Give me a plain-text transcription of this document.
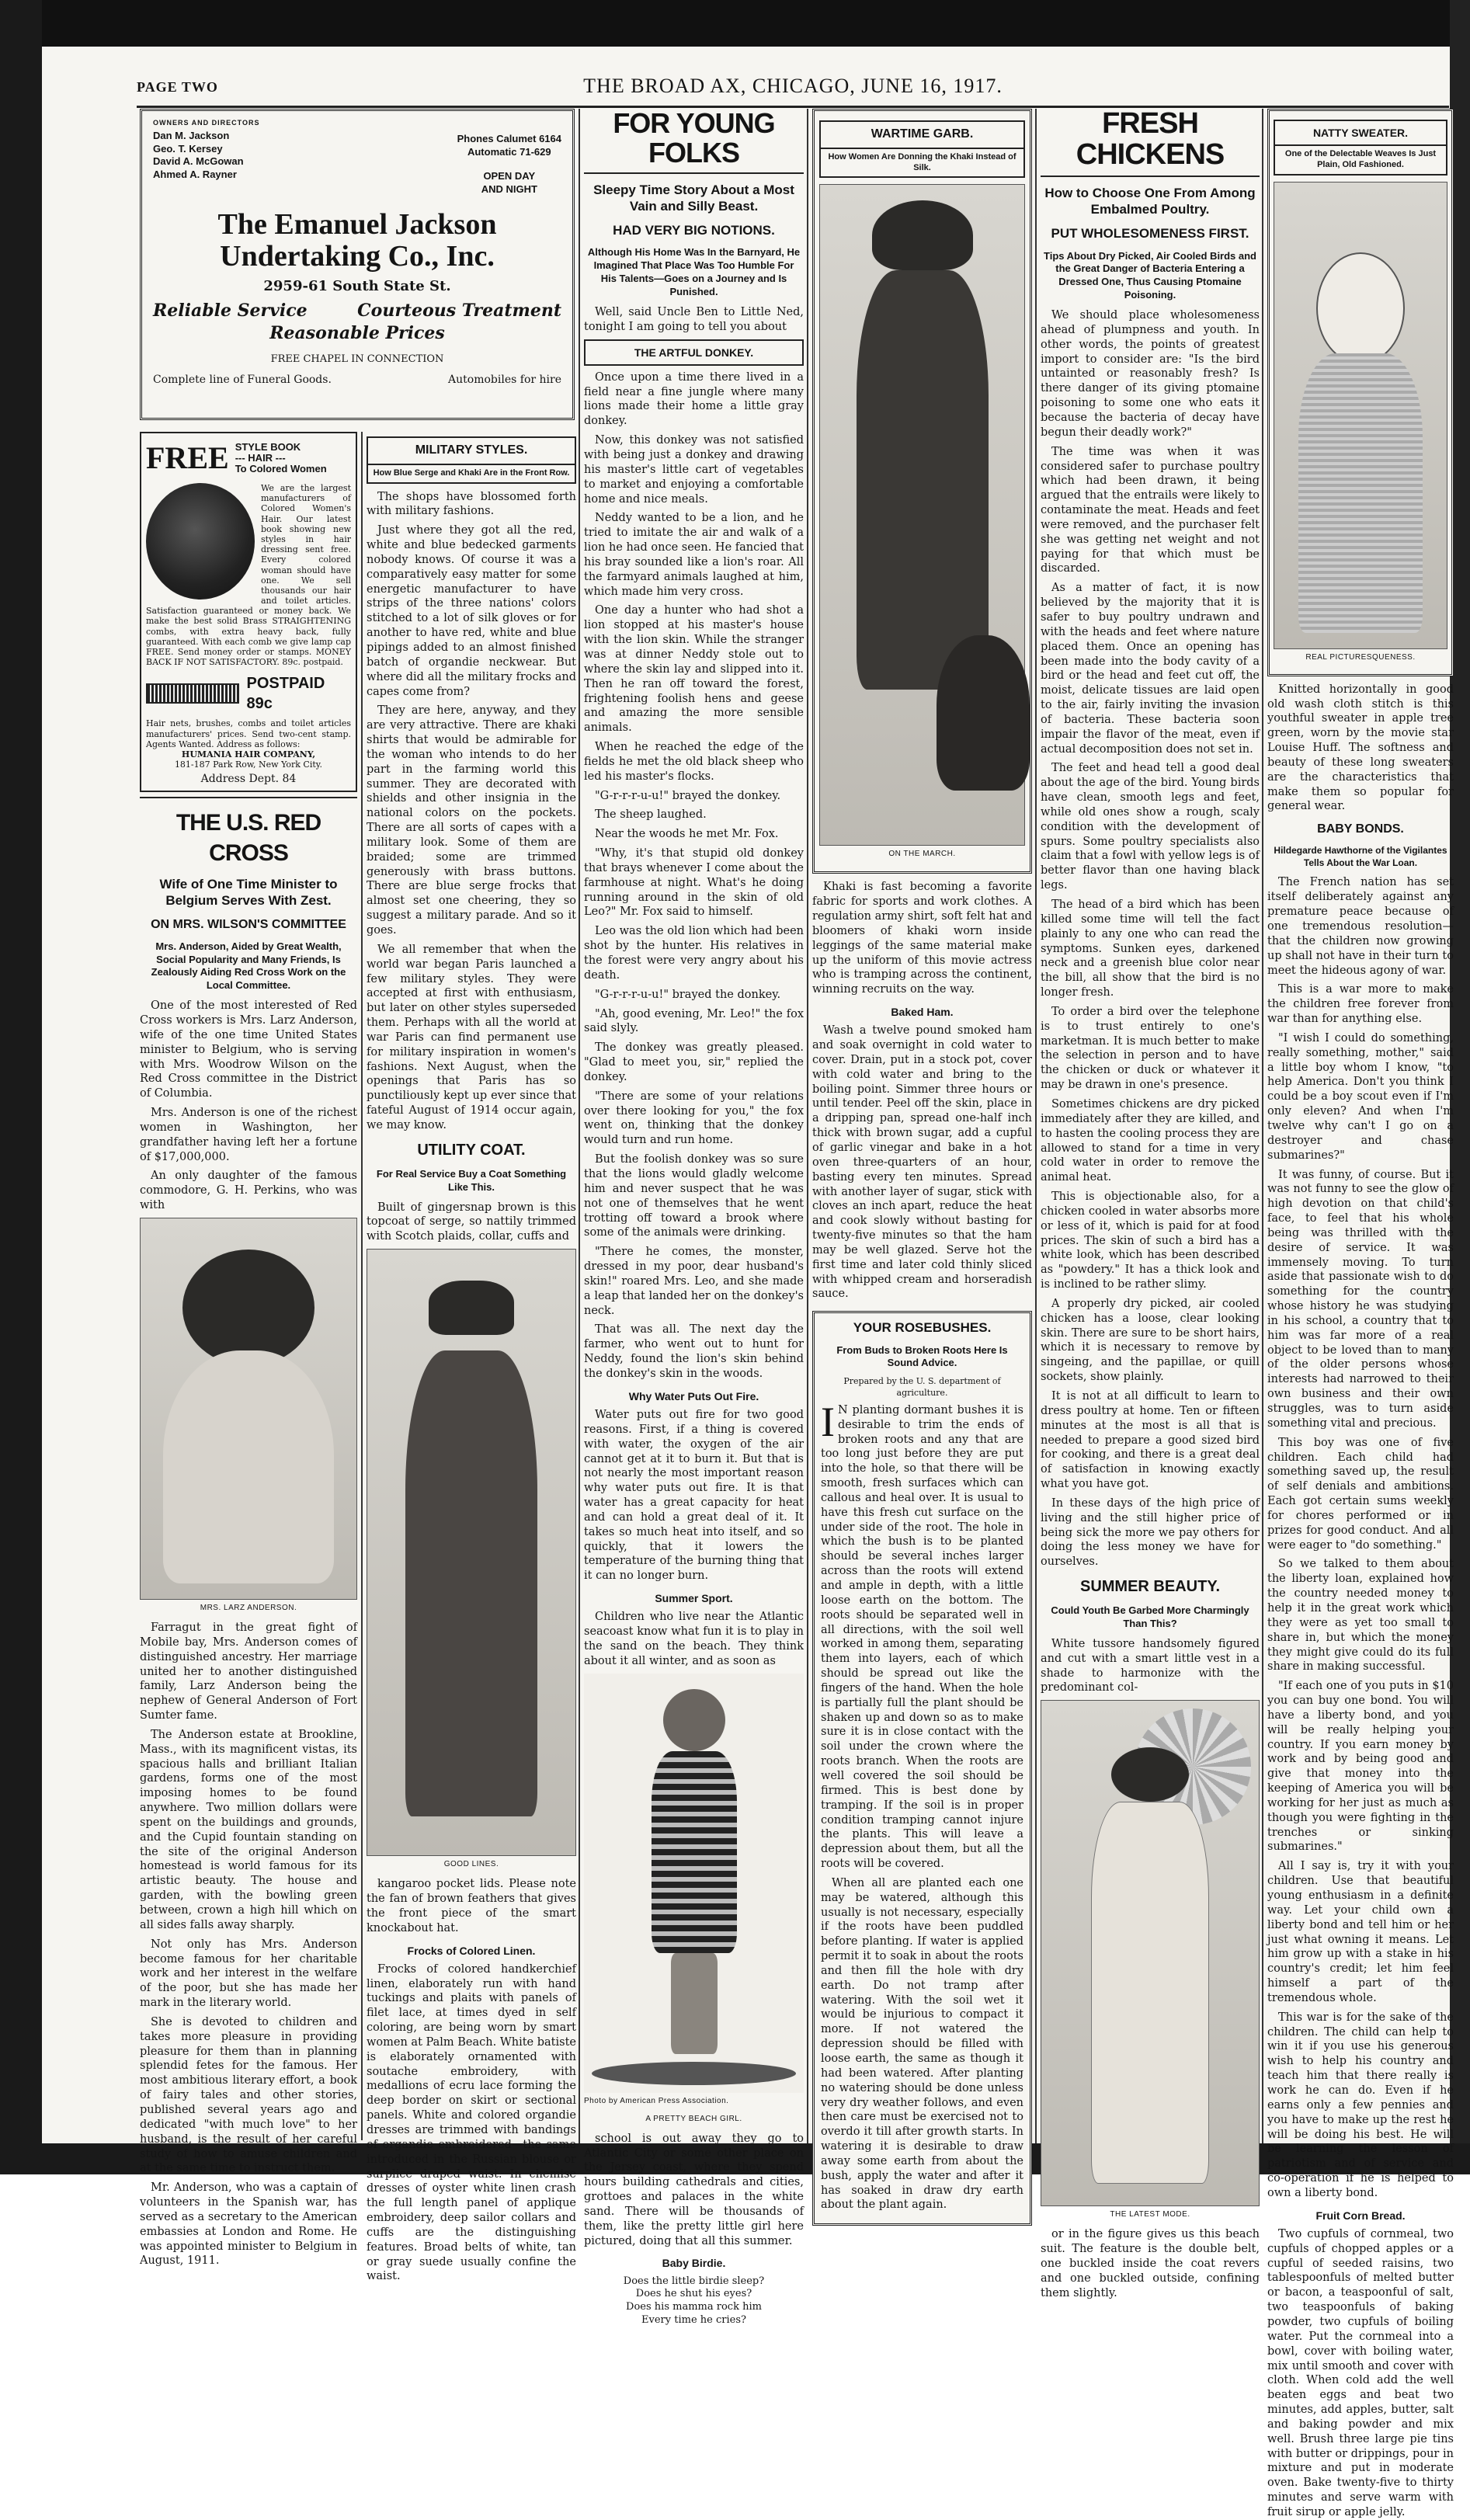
PAGE TWO	THE BROAD AX, CHICAGO, JUNE 16, 1917.
OWNERS AND DIRECTORS
Dan M. Jackson
Geo. T. Kersey
David A. McGowan
Ahmed A. Rayner
Phones Calumet 6164
Automatic 71-629
OPEN DAY
AND NIGHT
The Emanuel Jackson
Undertaking Co., Inc.
2959-61 South State St.
Reliable Service	Courteous Treatment
Reasonable Prices
FREE CHAPEL IN CONNECTION
Complete line of Funeral Goods.	Automobiles for hire
FREE STYLE BOOK
--- HAIR ---
To Colored Women
We are the largest manufacturers of Colored Women's Hair. Our latest book showing new styles in hair dressing sent free. Every colored woman should have one. We sell thousands our hair and toilet articles. Satisfaction guaranteed or money back. We make the best solid Brass STRAIGHTENING combs, with extra heavy back, fully guaranteed. With each comb we give lamp cap FREE. Send money order or stamps. MONEY BACK IF NOT SATISFACTORY. 89c. postpaid.
POSTPAID 89c
Hair nets, brushes, combs and toilet articles manufacturers' prices. Send two-cent stamp. Agents Wanted. Address as follows:
HUMANIA HAIR COMPANY,
181-187 Park Row, New York City.
Address Dept. 84
THE U.S. RED CROSS
Wife of One Time Minister to Belgium Serves With Zest.
ON MRS. WILSON'S COMMITTEE
Mrs. Anderson, Aided by Great Wealth, Social Popularity and Many Friends, Is Zealously Aiding Red Cross Work on the Local Committee.

One of the most interested of Red Cross workers is Mrs. Larz Anderson, wife of the one time United States minister to Belgium, who is serving with Mrs. Woodrow Wilson on the Red Cross committee in the District of Columbia.

Mrs. Anderson is one of the richest women in Washington, her grandfather having left her a fortune of $17,000,000.

An only daughter of the famous commodore, G. H. Perkins, who was with

MRS. LARZ ANDERSON.

Farragut in the great fight of Mobile bay, Mrs. Anderson comes of distinguished ancestry. Her marriage united her to another distinguished family, Larz Anderson being the nephew of General Anderson of Fort Sumter fame.

The Anderson estate at Brookline, Mass., with its magnificent vistas, its spacious halls and brilliant Italian gardens, forms one of the most imposing homes to be found anywhere. Two million dollars were spent on the buildings and grounds, and the Cupid fountain standing on the site of the original Anderson homestead is world famous for its artistic beauty. The house and garden, with the bowling green between, crown a high hill which on all sides falls away sharply.

Not only has Mrs. Anderson become famous for her charitable work and her interest in the welfare of the poor, but she has made her mark in the literary world.

She is devoted to children and takes more pleasure in providing pleasure for them than in planning splendid fetes for the famous. Her most ambitious literary effort, a book of fairy tales and other stories, published several years ago and dedicated "with much love" to her husband, is the result of her careful study of how to amuse children and at the same time to instruct them.

Mr. Anderson, who was a captain of volunteers in the Spanish war, has served as a secretary to the American embassies at London and Rome. He was appointed minister to Belgium in August, 1911.

MILITARY STYLES.
How Blue Serge and Khaki Are in the Front Row.

The shops have blossomed forth with military fashions.

Just where they got all the red, white and blue bedecked garments nobody knows. Of course it was a comparatively easy matter for some energetic manufacturer to have strips of the three nations' colors stitched to a lot of silk gloves or for another to have red, white and blue pipings added to an almost finished batch of organdie neckwear. But where did all the military frocks and capes come from?

They are here, anyway, and they are very attractive. There are khaki shirts that would be admirable for the woman who intends to do her part in the farming world this summer. They are decorated with shields and other insignia in the national colors on the pockets. There are all sorts of capes with a military look. Some of them are braided; some are trimmed generously with brass buttons. There are blue serge frocks that almost set one cheering, they so suggest a military parade. And so it goes.

We all remember that when the world war began Paris launched a few military styles. They were accepted at first with enthusiasm, but later on other styles superseded them. Perhaps with all the world at war Paris can find permanent use for military inspiration in women's fashions. Next August, when the openings that Paris has so punctiliously kept up ever since that fateful August of 1914 occur again, we may know.

UTILITY COAT.
For Real Service Buy a Coat Something Like This.

Built of gingersnap brown is this topcoat of serge, so nattily trimmed with Scotch plaids, collar, cuffs and

GOOD LINES.

kangaroo pocket lids. Please note the fan of brown feathers that gives the front piece of the smart knockabout hat.

Frocks of Colored Linen.

Frocks of colored handkerchief linen, elaborately run with hand tuckings and plaits with panels of filet lace, at times dyed in self coloring, are being worn by smart women at Palm Beach. White batiste is elaborately ornamented with soutache embroidery, with medallions of ecru lace forming the deep border on skirt or sectional panels. White and colored organdie dresses are trimmed with bandings of organdie embroidered—the same introduced in the Russian blouse or surplice draped waist. In chemise dresses of oyster white linen crash the full length panel of applique embroidery, deep sailor collars and cuffs are the distinguishing features. Broad belts of white, tan or gray suede usually confine the waist.

FOR YOUNG FOLKS
Sleepy Time Story About a Most Vain and Silly Beast.
HAD VERY BIG NOTIONS.
Although His Home Was In the Barnyard, He Imagined That Place Was Too Humble For His Talents—Goes on a Journey and Is Punished.

Well, said Uncle Ben to Little Ned, tonight I am going to tell you about

THE ARTFUL DONKEY.

Once upon a time there lived in a field near a fine jungle where many lions made their home a little gray donkey.

Now, this donkey was not satisfied with being just a donkey and drawing his master's little cart of vegetables to market and enjoying a comfortable home and nice meals.

Neddy wanted to be a lion, and he tried to imitate the air and walk of a lion he had once seen. He fancied that his bray sounded like a lion's roar. All the farmyard animals laughed at him, which made him very cross.

One day a hunter who had shot a lion stopped at his master's house with the lion skin. While the stranger was at dinner Neddy stole out to where the skin lay and slipped into it. Then he ran off toward the forest, frightening foolish hens and geese and amazing the more sensible animals.

When he reached the edge of the fields he met the old black sheep who led his master's flocks.

"G-r-r-r-u-u!" brayed the donkey.

The sheep laughed.

Near the woods he met Mr. Fox.

"Why, it's that stupid old donkey that brays whenever I come about the farmhouse at night. What's he doing running around in the skin of old Leo?" Mr. Fox said to himself.

Leo was the old lion which had been shot by the hunter. His relatives in the forest were very angry about his death.

"G-r-r-r-u-u!" brayed the donkey.

"Ah, good evening, Mr. Leo!" the fox said slyly.

The donkey was greatly pleased. "Glad to meet you, sir," replied the donkey.

"There are some of your relations over there looking for you," the fox went on, thinking that the donkey would turn and run home.

But the foolish donkey was so sure that the lions would gladly welcome him and never suspect that he was not one of themselves that he went trotting off toward a brook where some of the animals were drinking.

"There he comes, the monster, dressed in my poor, dear husband's skin!" roared Mrs. Leo, and she made a leap that landed her on the donkey's neck.

That was all. The next day the farmer, who went out to hunt for Neddy, found the lion's skin behind the donkey's skin in the woods.

Why Water Puts Out Fire.

Water puts out fire for two good reasons. First, if a thing is covered with water, the oxygen of the air cannot get at it to burn it. But that is not nearly the most important reason why water puts out fire. It is that water has a great capacity for heat and can hold a great deal of it. It takes so much heat into itself, and so quickly, that it lowers the temperature of the burning thing that it can no longer burn.

Summer Sport.

Children who live near the Atlantic seacoast know what fun it is to play in the sand on the beach. They think about it all winter, and as soon as

Photo by American Press Association.
A PRETTY BEACH GIRL.

school is out away they go to Atlantic City or some other place on the Jersey coast, where they spend hours building cathedrals and cities, grottoes and palaces in the white sand. There will be thousands of them, like the pretty little girl here pictured, doing that all this summer.

Baby Birdie.
Does the little birdie sleep?
Does he shut his eyes?
Does his mamma rock him
Every time he cries?
WARTIME GARB.
How Women Are Donning the Khaki Instead of Silk.
ON THE MARCH.

Khaki is fast becoming a favorite fabric for sports and work clothes. A regulation army shirt, soft felt hat and bloomers of khaki worn inside leggings of the same material make up the uniform of this movie actress who is tramping across the continent, winning recruits on the way.

Baked Ham.

Wash a twelve pound smoked ham and soak overnight in cold water to cover. Drain, put in a stock pot, cover with cold water and bring to the boiling point. Simmer three hours or until tender. Peel off the skin, place in a dripping pan, spread one-half inch thick with brown sugar, add a cupful of garlic vinegar and bake in a hot oven three-quarters of an hour, basting every ten minutes. Spread with another layer of sugar, stick with cloves an inch apart, reduce the heat and cook slowly without basting for twenty-five minutes so that the ham may be well glazed. Serve hot the first time and later cold thinly sliced with whipped cream and horseradish sauce.

YOUR ROSEBUSHES.
From Buds to Broken Roots Here Is Sound Advice.
Prepared by the U. S. department of agriculture.
I N planting dormant bushes it is desirable to trim the ends of broken roots and any that are too long just before they are put into the hole, so that there will be smooth, fresh surfaces which can callous and heal over. It is usual to have this fresh cut surface on the under side of the root. The hole in which the bush is to be planted should be several inches larger across than the roots will extend and ample in depth, with a little loose earth on the bottom. The roots should be separated well in all directions, with the soil well worked in among them, separating them into layers, each of which should be spread out like the fingers of the hand. When the hole is partially full the plant should be shaken up and down so as to make sure it is in close contact with the soil under the crown where the roots branch. When the roots are well covered the soil should be firmed. This is best done by tramping. If the soil is in proper condition tramping cannot injure the plants. This will leave a depression about them, but all the roots will be covered.

When all are planted each one may be watered, although this usually is not necessary, especially if the roots have been puddled before planting. If water is applied permit it to soak in about the roots and then fill the hole with dry earth. Do not tramp after watering. With the soil wet it would be injurious to compact it more. If not watered the depression should be filled with loose earth, the same as though it had been watered. After planting no watering should be done unless very dry weather follows, and even then care must be exercised not to overdo it till after growth starts. In watering it is desirable to draw away some earth from about the bush, apply the water and after it has soaked in draw dry earth about the plant again.

FRESH CHICKENS
How to Choose One From Among Embalmed Poultry.
PUT WHOLESOMENESS FIRST.
Tips About Dry Picked, Air Cooled Birds and the Great Danger of Bacteria Entering a Dressed One, Thus Causing Ptomaine Poisoning.

We should place wholesomeness ahead of plumpness and youth. In other words, the points of greatest import to consider are: "Is the bird untainted or reasonably fresh? Is there danger of its giving ptomaine poisoning to some one who eats it because the bacteria of decay have begun their deadly work?"

The time was when it was considered safer to purchase poultry which had been drawn, it being argued that the entrails were likely to contaminate the meat. Heads and feet were removed, and the purchaser felt she was getting net weight and not paying for that which must be discarded.

As a matter of fact, it is now believed by the majority that it is safer to buy poultry undrawn and with the heads and feet where nature placed them. Once an opening has been made into the body cavity of a bird or the head and feet cut off, the moist, delicate tissues are laid open to the air, fairly inviting the invasion of bacteria. These bacteria soon impair the flavor of the meat, even if actual decomposition does not set in.

The feet and head tell a good deal about the age of the bird. Young birds have clean, smooth legs and feet, while old ones show a rough, scaly condition with the development of spurs. Some poultry specialists also claim that a fowl with yellow legs is of better flavor than one having black legs.

The head of a bird which has been killed some time will tell the fact plainly to any one who can read the symptoms. Sunken eyes, darkened neck and a greenish blue color near the bill, all show that the bird is no longer fresh.

To order a bird over the telephone is to trust entirely to one's marketman. It is much better to make the selection in person and to have the chicken or duck or whatever it may be drawn in one's presence.

Sometimes chickens are dry picked immediately after they are killed, and to hasten the cooling process they are allowed to stand for a time in very cold water in order to remove the animal heat.

This is objectionable also, for a chicken cooled in water absorbs more or less of it, which is paid for at food prices. The skin of such a bird has a white look, which has been described as "powdery." It has a thick look and is inclined to be rather slimy.

A properly dry picked, air cooled chicken has a loose, clear looking skin. There are sure to be short hairs, which it is necessary to remove by singeing, and the papillae, or quill sockets, show plainly.

It is not at all difficult to learn to dress poultry at home. Ten or fifteen minutes at the most is all that is needed to prepare a good sized bird for cooking, and there is a great deal of satisfaction in knowing exactly what you have got.

In these days of the high price of living and the still higher price of being sick the more we pay others for doing the less money we have for ourselves.

SUMMER BEAUTY.
Could Youth Be Garbed More Charmingly Than This?

White tussore handsomely figured and cut with a smart little vest in a shade to harmonize with the predominant col-

THE LATEST MODE.

or in the figure gives us this beach suit. The feature is the double belt, one buckled inside the coat revers and one buckled outside, confining them slightly.

NATTY SWEATER.
One of the Delectable Weaves Is Just Plain, Old Fashioned.
REAL PICTURESQUENESS.

Knitted horizontally in good old wash cloth stitch is this youthful sweater in apple tree green, worn by the movie star Louise Huff. The softness and beauty of these long sweaters are the characteristics that make them so popular for general wear.

BABY BONDS.
Hildegarde Hawthorne of the Vigilantes Tells About the War Loan.

The French nation has set itself deliberately against any premature peace because of one tremendous resolution—that the children now growing up shall not have in their turn to meet the hideous agony of war.

This is a war more to make the children free forever from war than for anything else.

"I wish I could do something, really something, mother," said a little boy whom I know, "to help America. Don't you think I could be a boy scout even if I'm only eleven? And when I'm twelve why can't I go on a destroyer and chase submarines?"

It was funny, of course. But it was not funny to see the glow of high devotion on that child's face, to feel that his whole being was thrilled with the desire of service. It was immensely moving. To turn aside that passionate wish to do something for the country whose history he was studying in his school, a country that to him was far more of a real object to be loved than to many of the older persons whose interests had narrowed to their own business and their own struggles, was to turn aside something vital and precious.

This boy was one of five children. Each child had something saved up, the result of self denials and ambitions. Each got certain sums weekly for chores performed or in prizes for good conduct. And all were eager to "do something."

So we talked to them about the liberty loan, explained how the country needed money to help it in the great work which they were as yet too small to share in, but which the money they might give could do its full share in making successful.

"If each one of you puts in $10 you can buy one bond. You will have a liberty bond, and you will be really helping your country. If you earn money by work and by being good and give that money into the keeping of America you will be working for her just as much as though you were fighting in the trenches or sinking submarines."

All I say is, try it with your children. Use that beautiful young enthusiasm in a definite way. Let your child own a liberty bond and tell him or her just what owning it means. Let him grow up with a stake in his country's credit; let him feel himself a part of the tremendous whole.

This war is for the sake of the children. The child can help to win it if you use his generous wish to help his country and teach him that there really is work he can do. Even if he earns only a few pennies and you have to make up the rest he will be doing his best. He will be learning the lesson of patriotism and of service and co-operation if he is helped to own a liberty bond.

Fruit Corn Bread.

Two cupfuls of cornmeal, two cupfuls of chopped apples or a cupful of seeded raisins, two tablespoonfuls of melted butter or bacon, a teaspoonful of salt, two teaspoonfuls of baking powder, two cupfuls of boiling water. Put the cornmeal into a bowl, cover with boiling water, mix until smooth and cover with cloth. When cold add the well beaten eggs and beat two minutes, add apples, butter, salt and baking powder and mix well. Brush three large pie tins with butter or drippings, pour in mixture and put in moderate oven. Bake twenty-five to thirty minutes and serve warm with fruit sirup or apple jelly.
